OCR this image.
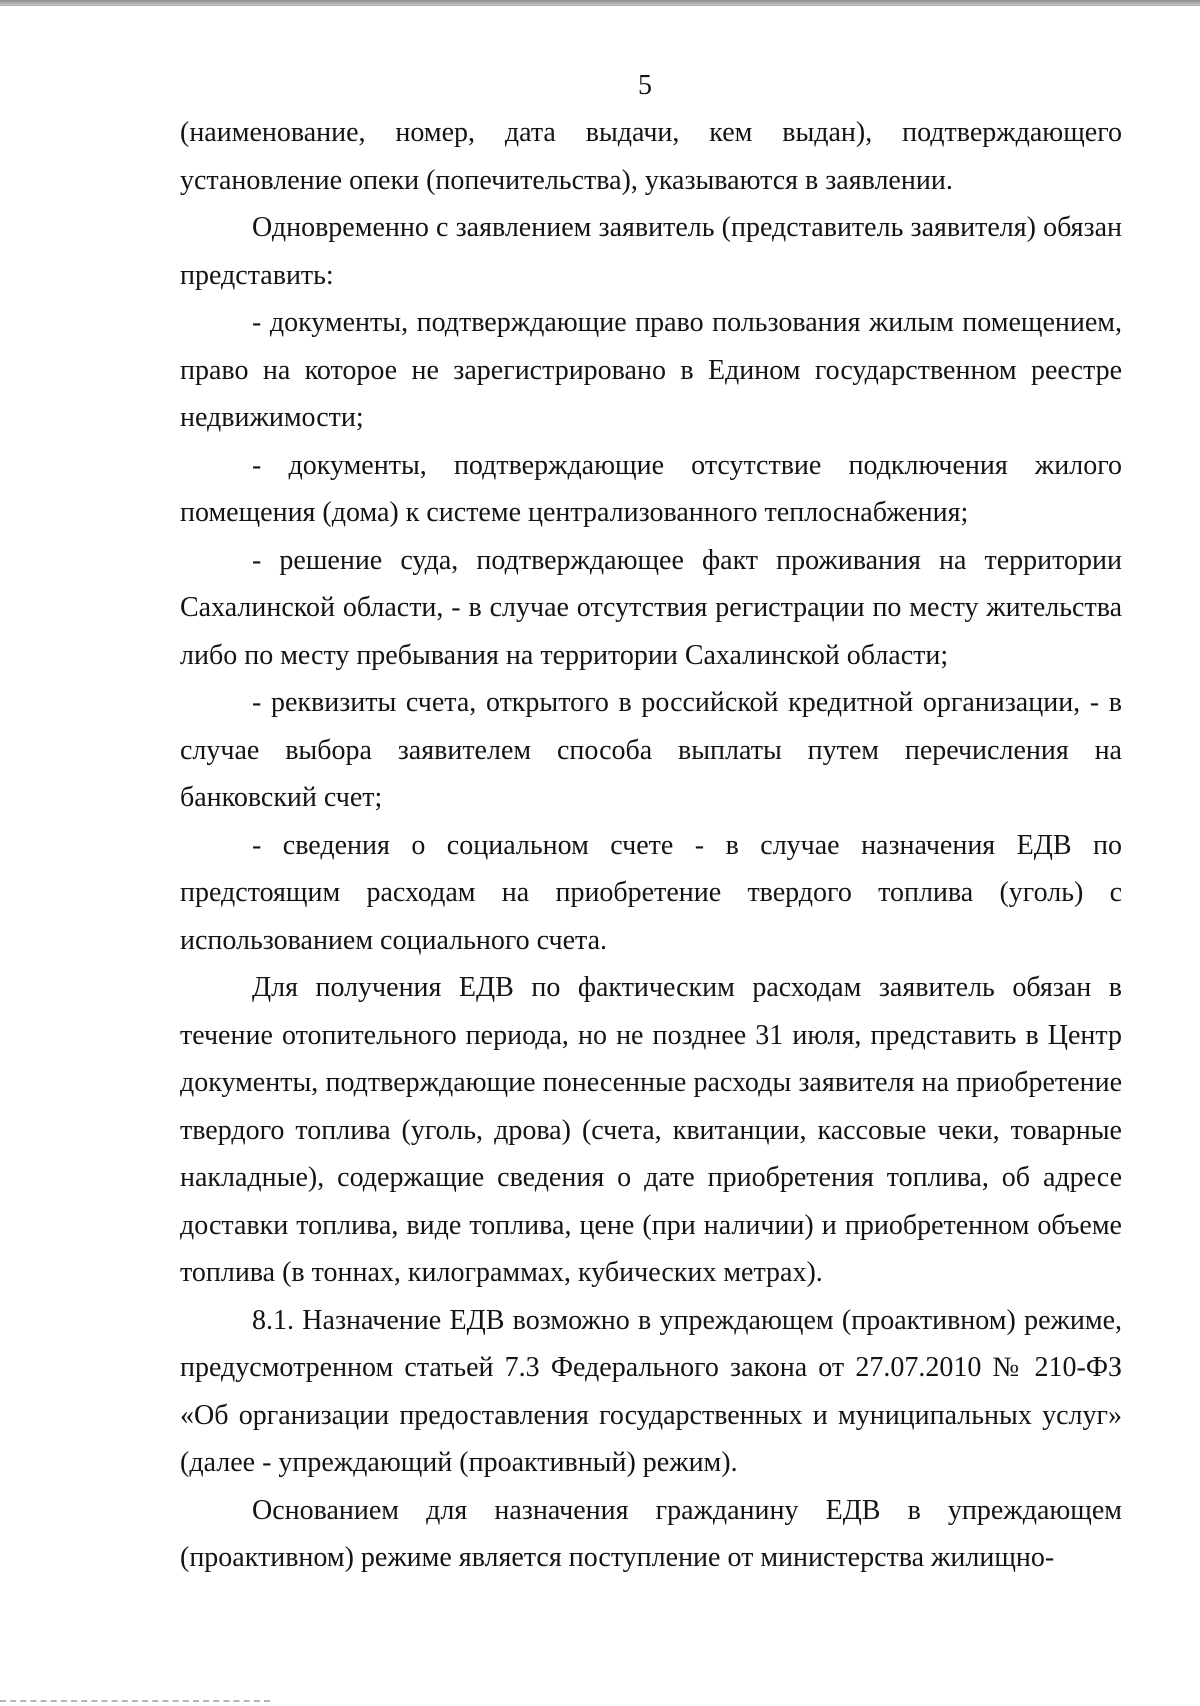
5

(наименование, номер, дата выдачи, кем выдан), подтверждающего установление опеки (попечительства), указываются в заявлении.

Одновременно с заявлением заявитель (представитель заявителя) обязан представить:

- документы, подтверждающие право пользования жилым помещением, право на которое не зарегистрировано в Едином государственном реестре недвижимости;

- документы, подтверждающие отсутствие подключения жилого помещения (дома) к системе централизованного теплоснабжения;

- решение суда, подтверждающее факт проживания на территории Сахалинской области, - в случае отсутствия регистрации по месту жительства либо по месту пребывания на территории Сахалинской области;

- реквизиты счета, открытого в российской кредитной организации, - в случае выбора заявителем способа выплаты путем перечисления на банковский счет;

- сведения о социальном счете - в случае назначения ЕДВ по предстоящим расходам на приобретение твердого топлива (уголь) с использованием социального счета.

Для получения ЕДВ по фактическим расходам заявитель обязан в течение отопительного периода, но не позднее 31 июля, представить в Центр документы, подтверждающие понесенные расходы заявителя на приобретение твердого топлива (уголь, дрова) (счета, квитанции, кассовые чеки, товарные накладные), содержащие сведения о дате приобретения топлива, об адресе доставки топлива, виде топлива, цене (при наличии) и приобретенном объеме топлива (в тоннах, килограммах, кубических метрах).

8.1. Назначение ЕДВ возможно в упреждающем (проактивном) режиме, предусмотренном статьей 7.3 Федерального закона от 27.07.2010 № 210-ФЗ «Об организации предоставления государственных и муниципальных услуг» (далее - упреждающий (проактивный) режим).

Основанием для назначения гражданину ЕДВ в упреждающем (проактивном) режиме является поступление от министерства жилищно-
